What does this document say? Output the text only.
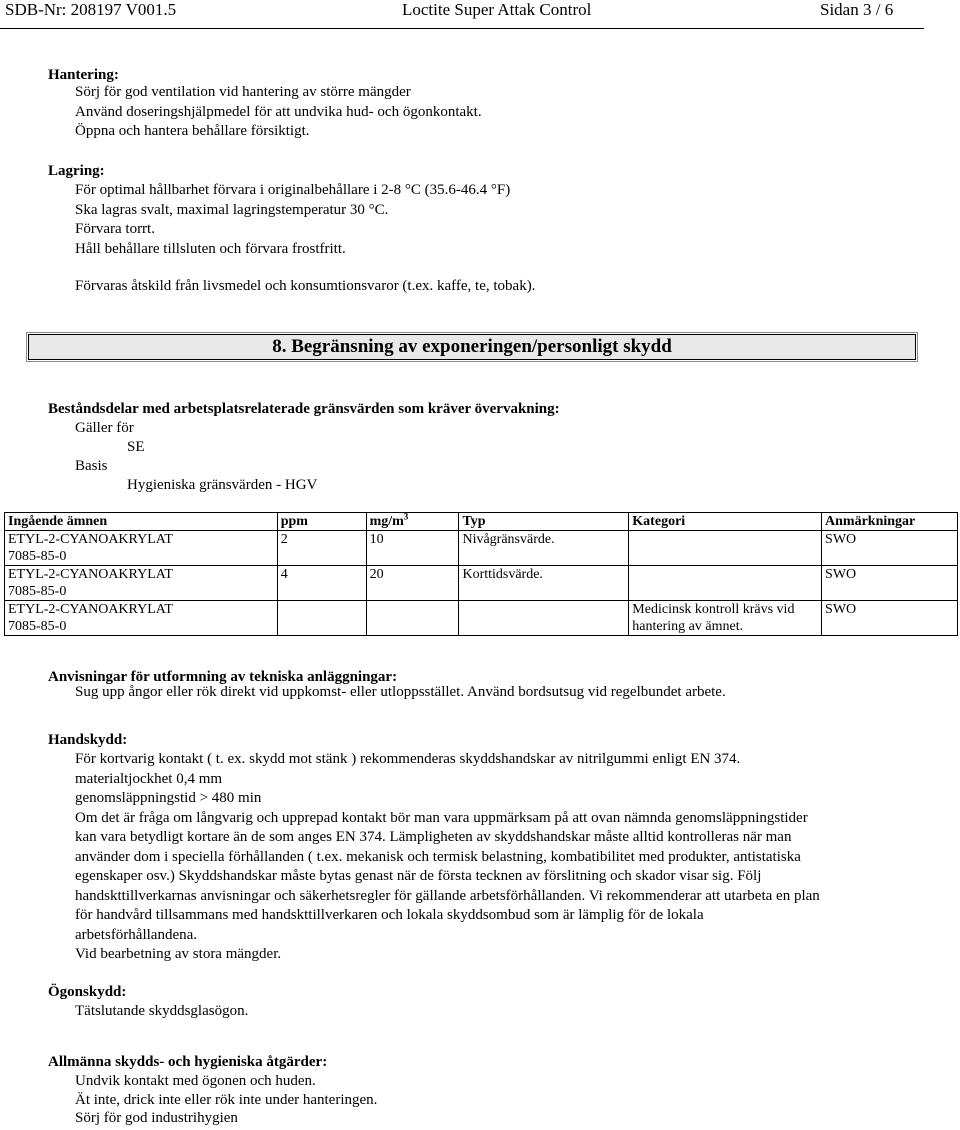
SDB-Nr: 208197 V001.5	Loctite Super Attak Control	Sidan 3 / 6
Hantering:
Sörj för god ventilation vid hantering av större mängder
Använd doseringshjälpmedel för att undvika hud- och ögonkontakt.
Öppna och hantera behållare försiktigt.
Lagring:
För optimal hållbarhet förvara i originalbehållare i 2-8 °C (35.6-46.4 °F)
Ska lagras svalt, maximal lagringstemperatur 30 °C.
Förvara torrt.
Håll behållare tillsluten och förvara frostfritt.
Förvaras åtskild från livsmedel och konsumtionsvaror (t.ex. kaffe, te, tobak).
8. Begränsning av exponeringen/personligt skydd
Beståndsdelar med arbetsplatsrelaterade gränsvärden som kräver övervakning:
Gäller för
SE
Basis
Hygieniska gränsvärden - HGV
Ingående ämnen	ppm	$mg/m^3$	Typ	Kategori	Anmärkningar

ETYL-2-CYANOAKRYLAT
7085-85-0	2	10	Nivågränsvärde.		SWO

ETYL-2-CYANOAKRYLAT
7085-85-0	4	20	Korttidsvärde.		SWO

ETYL-2-CYANOAKRYLAT
7085-85-0				Medicinsk kontroll krävs vid hantering av ämnet.	SWO
Anvisningar för utformning av tekniska anläggningar:
Sug upp ångor eller rök direkt vid uppkomst- eller utloppsstället. Använd bordsutsug vid regelbundet arbete.
Handskydd:
För kortvarig kontakt ( t. ex. skydd mot stänk ) rekommenderas skyddshandskar av nitrilgummi enligt EN 374.
materialtjockhet 0,4 mm
genomsläppningstid > 480 min
Om det är fråga om långvarig och upprepad kontakt bör man vara uppmärksam på att ovan nämnda genomsläppningstider
kan vara betydligt kortare än de som anges EN 374. Lämpligheten av skyddshandskar måste alltid kontrolleras när man
använder dom i speciella förhållanden ( t.ex. mekanisk och termisk belastning, kombatibilitet med produkter, antistatiska
egenskaper osv.) Skyddshandskar måste bytas genast när de första tecknen av förslitning och skador visar sig. Följ
handskttillverkarnas anvisningar och säkerhetsregler för gällande arbetsförhållanden. Vi rekommenderar att utarbeta en plan
för handvård tillsammans med handskttillverkaren och lokala skyddsombud som är lämplig för de lokala
arbetsförhållandena.
Vid bearbetning av stora mängder.
Ögonskydd:
Tätslutande skyddsglasögon.
Allmänna skydds- och hygieniska åtgärder:
Undvik kontakt med ögonen och huden.
Ät inte, drick inte eller rök inte under hanteringen.
Sörj för god industrihygien
